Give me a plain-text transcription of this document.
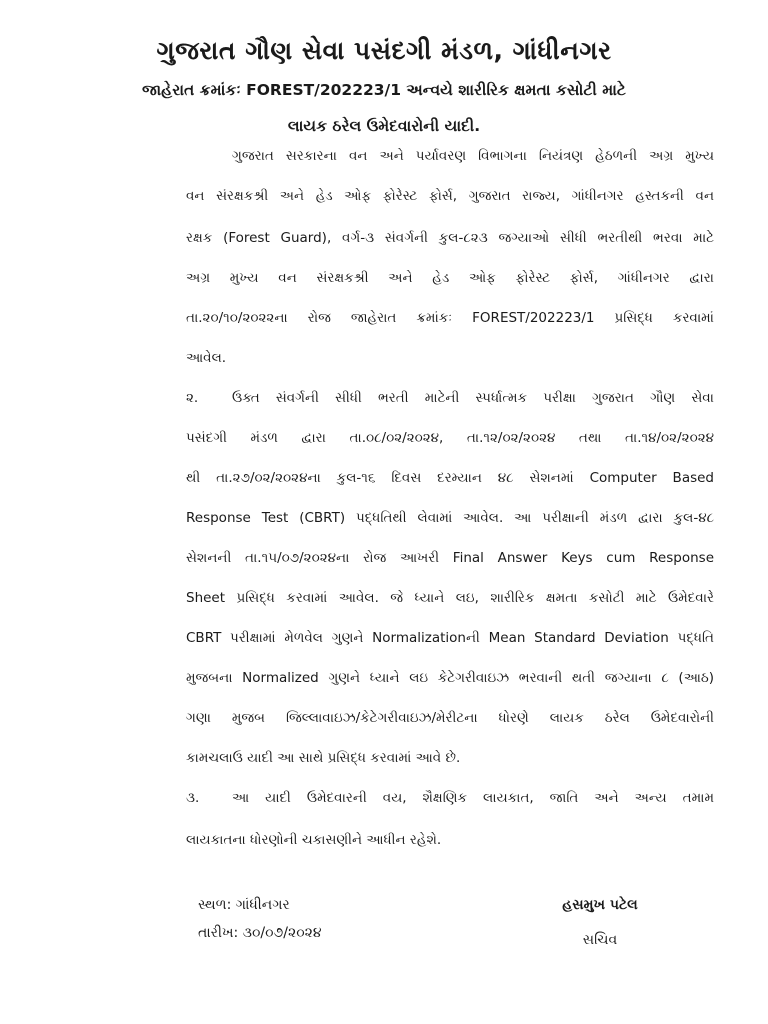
ગુજરાત ગૌણ સેવા પસંદગી મંડળ, ગાંધીનગર
જાહેરાત ક્રમાંકઃ FOREST/202223/1 અન્વયે શારીરિક ક્ષમતા કસોટી માટે
લાયક ઠરેલ ઉમેદવારોની યાદી.
ગુજરાત સરકારના વન અને પર્યાવરણ વિભાગના નિયંત્રણ હેઠળની અગ્ર મુખ્ય
વન સંરક્ષકશ્રી અને હેડ ઓફ ફોરેસ્ટ ફોર્સ, ગુજરાત રાજ્ય, ગાંધીનગર હસ્તકની વન
રક્ષક (Forest Guard), વર્ગ-૩ સંવર્ગની કુલ-૮૨૩ જગ્યાઓ સીધી ભરતીથી ભરવા માટે
અગ્ર મુખ્ય વન સંરક્ષકશ્રી અને હેડ ઓફ ફોરેસ્ટ ફોર્સ, ગાંધીનગર દ્વારા
તા.૨૦/૧૦/૨૦૨૨ના રોજ જાહેરાત ક્રમાંકઃ FOREST/202223/1 પ્રસિદ્ધ કરવામાં
આવેલ.
૨.	ઉક્ત સંવર્ગની સીધી ભરતી માટેની સ્પર્ધાત્મક પરીક્ષા ગુજરાત ગૌણ સેવા
પસંદગી મંડળ દ્વારા તા.૦૮/૦૨/૨૦૨૪, તા.૧૨/૦૨/૨૦૨૪ તથા તા.૧૪/૦૨/૨૦૨૪
થી તા.૨૭/૦૨/૨૦૨૪ના કુલ-૧૬ દિવસ દરમ્યાન ૪૮ સેશનમાં Computer Based
Response Test (CBRT) પદ્ધતિથી લેવામાં આવેલ. આ પરીક્ષાની મંડળ દ્વારા કુલ-૪૮
સેશનની તા.૧૫/૦૭/૨૦૨૪ના રોજ આખરી Final Answer Keys cum Response
Sheet પ્રસિદ્ધ કરવામાં આવેલ. જે ધ્યાને લઇ, શારીરિક ક્ષમતા કસોટી માટે ઉમેદવારે
CBRT પરીક્ષામાં મેળવેલ ગુણને Normalizationની Mean Standard Deviation પદ્ધતિ
મુજબના Normalized ગુણને ધ્યાને લઇ કેટેગરીવાઇઝ ભરવાની થતી જગ્યાના ૮ (આઠ)
ગણા મુજબ જિલ્લાવાઇઝ/કેટેગરીવાઇઝ/મેરીટના ધોરણે લાયક ઠરેલ ઉમેદવારોની
કામચલાઉ યાદી આ સાથે પ્રસિદ્ધ કરવામાં આવે છે.
૩.	આ યાદી ઉમેદવારની વય, શૈક્ષણિક લાયકાત, જાતિ અને અન્ય તમામ
લાયકાતના ધોરણોની ચકાસણીને આધીન રહેશે.
સ્થળ: ગાંધીનગર
તારીખ: ૩૦/૦૭/૨૦૨૪
હસમુખ પટેલ
સચિવ
